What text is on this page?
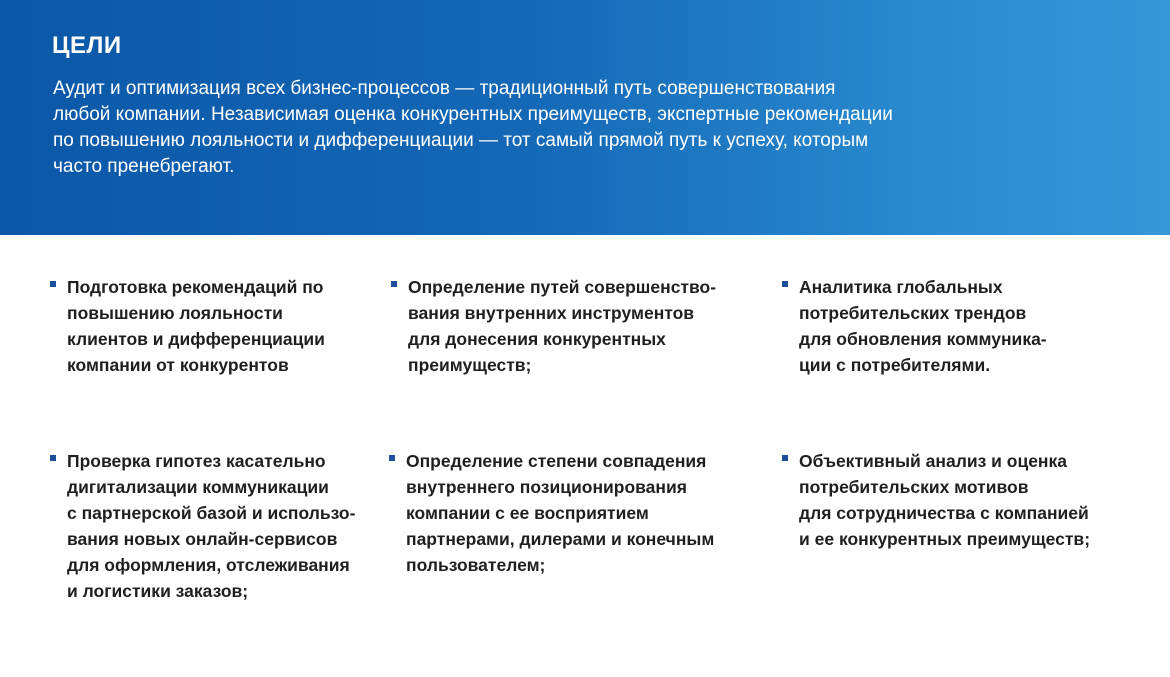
ЦЕЛИ

Аудит и оптимизация всех бизнес-процессов — традиционный путь совершенствования
любой компании. Независимая оценка конкурентных преимуществ, экспертные рекомендации
по повышению лояльности и дифференциации — тот самый прямой путь к успеху, которым
часто пренебрегают.

Подготовка рекомендаций по
повышению лояльности
клиентов и дифференциации
компании от конкурентов

Определение путей совершенство-
вания внутренних инструментов
для донесения конкурентных
преимуществ;

Аналитика глобальных
потребительских трендов
для обновления коммуника-
ции с потребителями.

Проверка гипотез касательно
дигитализации коммуникации
с партнерской базой и использо-
вания новых онлайн-сервисов
для оформления, отслеживания
и логистики заказов;

Определение степени совпадения
внутреннего позиционирования
компании с ее восприятием
партнерами, дилерами и конечным
пользователем;

Объективный анализ и оценка
потребительских мотивов
для сотрудничества с компанией
и ее конкурентных преимуществ;
